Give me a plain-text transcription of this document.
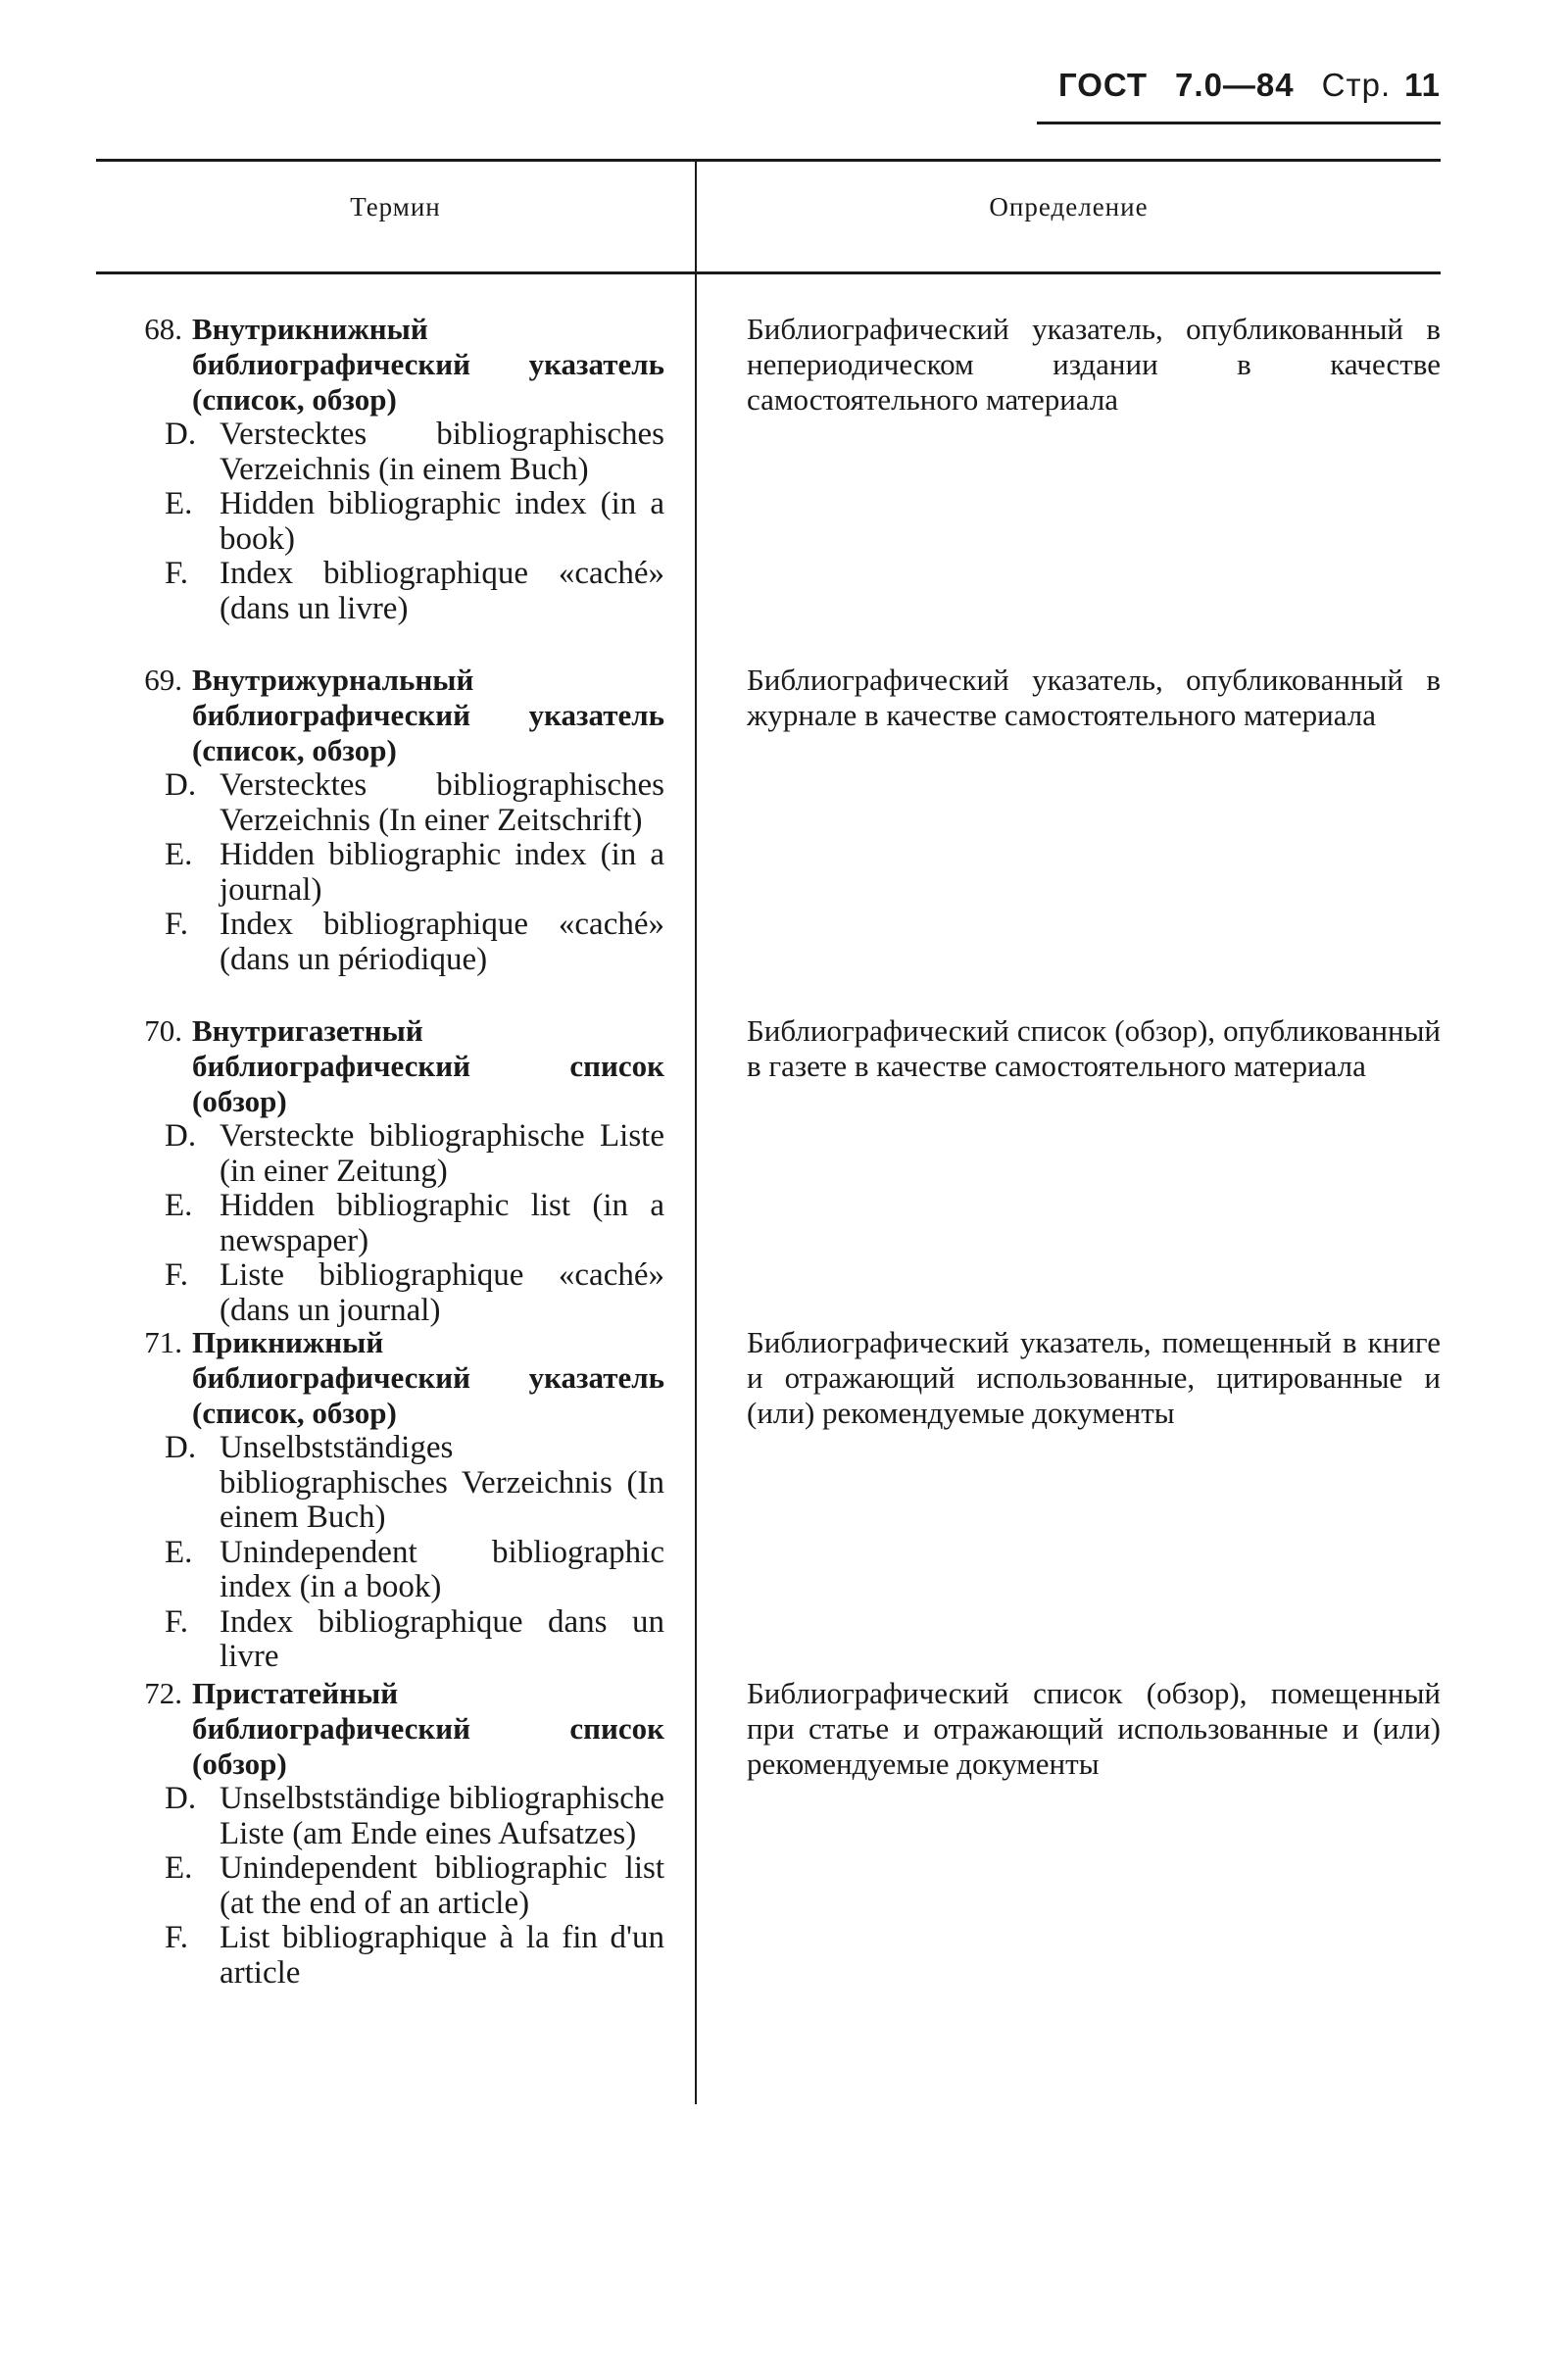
ГОСТ 7.0—84 Стр. 11
Термин	Определение
68. Внутрикнижный библиографический указатель (список, обзор)
D. Verstecktes bibliographisches Verzeichnis (in einem Buch)
E. Hidden bibliographic index (in a book)
F. Index bibliographique «caché» (dans un livre)
Библиографический указатель, опубликованный в непериодическом издании в качестве самостоятельного материала
69. Внутрижурнальный библиографический указатель (список, обзор)
D. Verstecktes bibliographisches Verzeichnis (In einer Zeitschrift)
E. Hidden bibliographic index (in a journal)
F. Index bibliographique «caché» (dans un périodique)
Библиографический указатель, опубликованный в журнале в качестве самостоятельного материала
70. Внутригазетный библиографический список (обзор)
D. Versteckte bibliographische Liste (in einer Zeitung)
E. Hidden bibliographic list (in a newspaper)
F. Liste bibliographique «caché» (dans un journal)
Библиографический список (обзор), опубликованный в газете в качестве самостоятельного материала
71. Прикнижный библиографический указатель (список, обзор)
D. Unselbstständiges bibliographisches Verzeichnis (In einem Buch)
E. Unindependent bibliographic index (in a book)
F. Index bibliographique dans un livre
Библиографический указатель, помещенный в книге и отражающий использованные, цитированные и (или) рекомендуемые документы
72. Пристатейный библиографический список (обзор)
D. Unselbstständige bibliographische Liste (am Ende eines Aufsatzes)
E. Unindependent bibliographic list (at the end of an article)
F. List bibliographique à la fin d'un article
Библиографический список (обзор), помещенный при статье и отражающий использованные и (или) рекомендуемые документы
